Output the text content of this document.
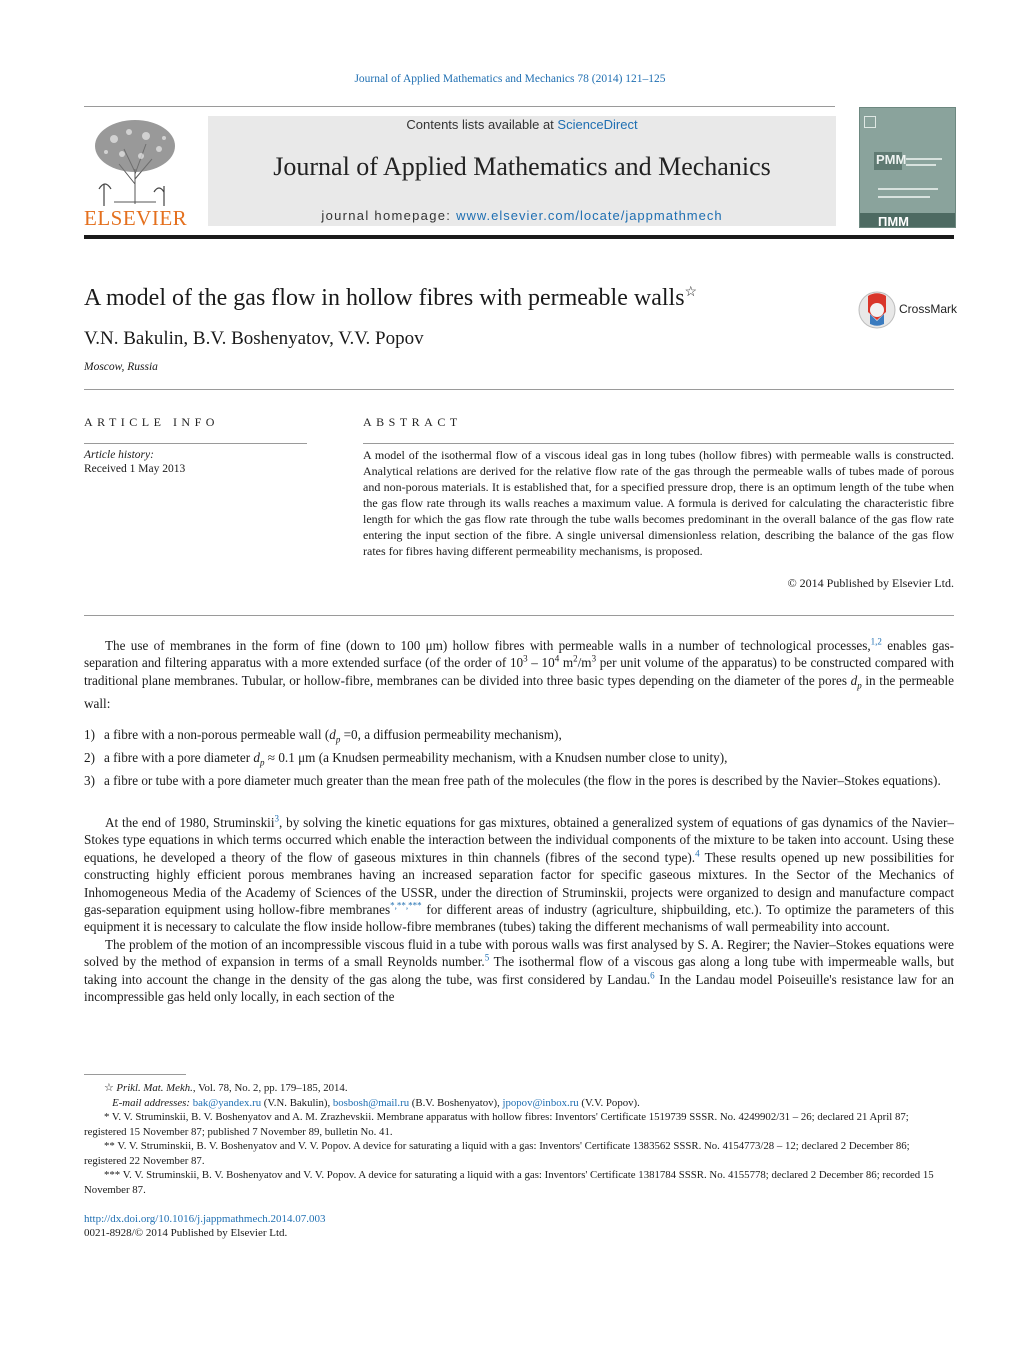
Journal of Applied Mathematics and Mechanics 78 (2014) 121–125
Contents lists available at ScienceDirect
Journal of Applied Mathematics and Mechanics
journal homepage: www.elsevier.com/locate/jappmathmech
ELSEVIER
PMM
ПММ
A model of the gas flow in hollow fibres with permeable walls☆
CrossMark
V.N. Bakulin, B.V. Boshenyatov, V.V. Popov
Moscow, Russia
ARTICLE INFO
Article history:
Received 1 May 2013
ABSTRACT
A model of the isothermal flow of a viscous ideal gas in long tubes (hollow fibres) with permeable walls is constructed. Analytical relations are derived for the relative flow rate of the gas through the permeable walls of tubes made of porous and non-porous materials. It is established that, for a specified pressure drop, there is an optimum length of the tube when the gas flow rate through its walls reaches a maximum value. A formula is derived for calculating the characteristic fibre length for which the gas flow rate through the tube walls becomes predominant in the overall balance of the gas flow rate entering the input section of the fibre. A single universal dimensionless relation, describing the balance of the gas flow rates for fibres having different permeability mechanisms, is proposed.
© 2014 Published by Elsevier Ltd.

The use of membranes in the form of fine (down to 100 μm) hollow fibres with permeable walls in a number of technological processes,$^{1,2}$ enables gas-separation and filtering apparatus with a more extended surface (of the order of $10^3 - 10^4$ $m^2/m^3$ per unit volume of the apparatus) to be constructed compared with traditional plane membranes. Tubular, or hollow-fibre, membranes can be divided into three basic types depending on the diameter of the pores $d_p$ in the permeable wall:

1) a fibre with a non-porous permeable wall ($d_p =0$, a diffusion permeability mechanism),
2) a fibre with a pore diameter $d_p \approx 0.1$ μm (a Knudsen permeability mechanism, with a Knudsen number close to unity),
3) a fibre or tube with a pore diameter much greater than the mean free path of the molecules (the flow in the pores is described by the Navier–Stokes equations).

At the end of 1980, Struminskii$^3$, by solving the kinetic equations for gas mixtures, obtained a generalized system of equations of gas dynamics of the Navier–Stokes type equations in which terms occurred which enable the interaction between the individual components of the mixture to be taken into account. Using these equations, he developed a theory of the flow of gaseous mixtures in thin channels (fibres of the second type).$^4$ These results opened up new possibilities for constructing highly efficient porous membranes having an increased separation factor for specific gaseous mixtures. In the Sector of the Mechanics of Inhomogeneous Media of the Academy of Sciences of the USSR, under the direction of Struminskii, projects were organized to design and manufacture compact gas-separation equipment using hollow-fibre membranes*,**,*** for different areas of industry (agriculture, shipbuilding, etc.). To optimize the parameters of this equipment it is necessary to calculate the flow inside hollow-fibre membranes (tubes) taking the different mechanisms of wall permeability into account.

The problem of the motion of an incompressible viscous fluid in a tube with porous walls was first analysed by S. A. Regirer; the Navier–Stokes equations were solved by the method of expansion in terms of a small Reynolds number.$^5$ The isothermal flow of a viscous gas along a long tube with impermeable walls, but taking into account the change in the density of the gas along the tube, was first considered by Landau.$^6$ In the Landau model Poiseuille's resistance law for an incompressible gas held only locally, in each section of the

☆ Prikl. Mat. Mekh., Vol. 78, No. 2, pp. 179–185, 2014.
E-mail addresses: bak@yandex.ru (V.N. Bakulin), bosbosh@mail.ru (B.V. Boshenyatov), jpopov@inbox.ru (V.V. Popov).
* V. V. Struminskii, B. V. Boshenyatov and A. M. Zrazhevskii. Membrane apparatus with hollow fibres: Inventors' Certificate 1519739 SSSR. No. 4249902/31 – 26; declared 21 April 87; registered 15 November 87; published 7 November 89, bulletin No. 41.
** V. V. Struminskii, B. V. Boshenyatov and V. V. Popov. A device for saturating a liquid with a gas: Inventors' Certificate 1383562 SSSR. No. 4154773/28 – 12; declared 2 December 86; registered 22 November 87.
*** V. V. Struminskii, B. V. Boshenyatov and V. V. Popov. A device for saturating a liquid with a gas: Inventors' Certificate 1381784 SSSR. No. 4155778; declared 2 December 86; recorded 15 November 87.
http://dx.doi.org/10.1016/j.jappmathmech.2014.07.003
0021-8928/© 2014 Published by Elsevier Ltd.
